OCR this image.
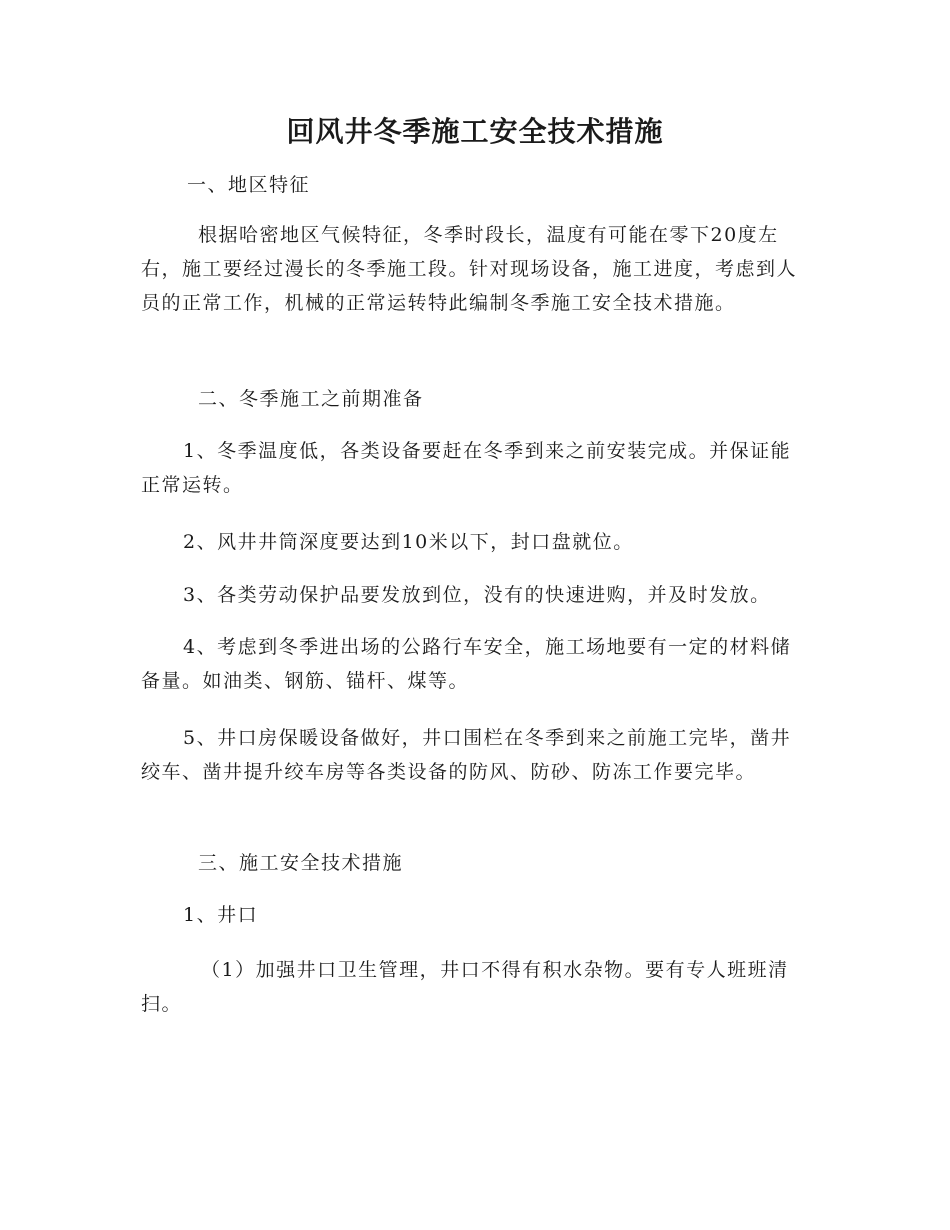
回风井冬季施工安全技术措施

一、地区特征

根据哈密地区气候特征，冬季时段长，温度有可能在零下20度左右，施工要经过漫长的冬季施工段。针对现场设备，施工进度，考虑到人员的正常工作，机械的正常运转特此编制冬季施工安全技术措施。

二、冬季施工之前期准备

1、冬季温度低，各类设备要赶在冬季到来之前安装完成。并保证能正常运转。

2、风井井筒深度要达到10米以下，封口盘就位。

3、各类劳动保护品要发放到位，没有的快速进购，并及时发放。

4、考虑到冬季进出场的公路行车安全，施工场地要有一定的材料储备量。如油类、钢筋、锚杆、煤等。

5、井口房保暖设备做好，井口围栏在冬季到来之前施工完毕，凿井绞车、凿井提升绞车房等各类设备的防风、防砂、防冻工作要完毕。

三、施工安全技术措施

1、井口

（1）加强井口卫生管理，井口不得有积水杂物。要有专人班班清扫。
